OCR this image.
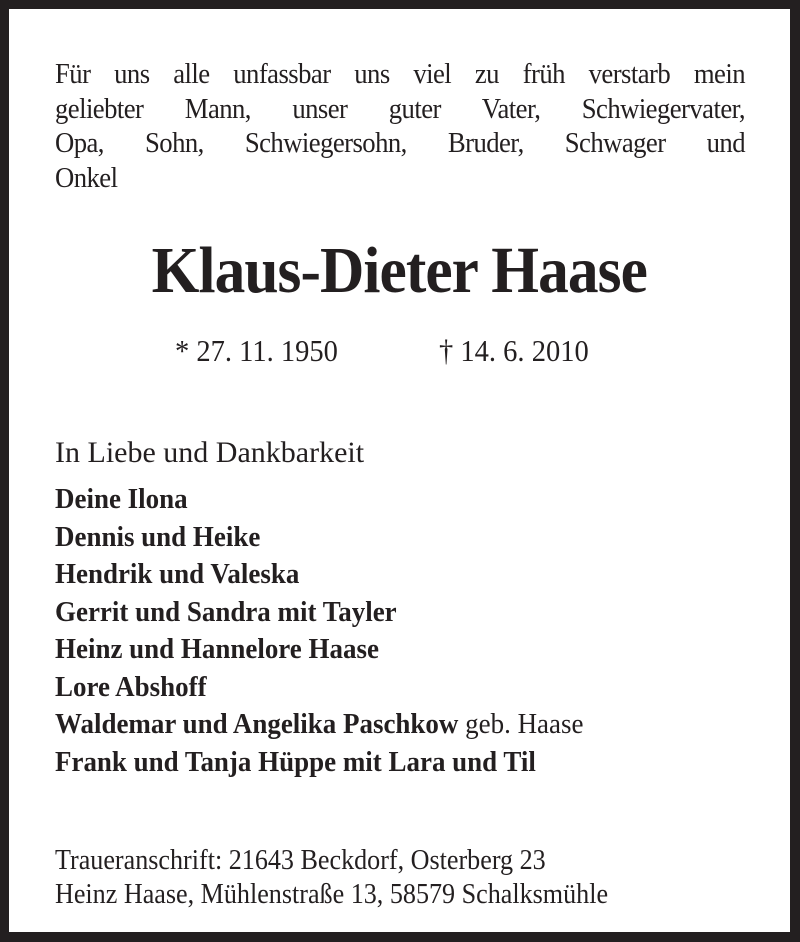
Für uns alle unfassbar uns viel zu früh verstarb mein
geliebter Mann, unser guter Vater, Schwiegervater,
Opa, Sohn, Schwiegersohn, Bruder, Schwager und
Onkel
Klaus-Dieter Haase
* 27. 11. 1950	† 14. 6. 2010
In Liebe und Dankbarkeit
Deine Ilona
Dennis und Heike
Hendrik und Valeska
Gerrit und Sandra mit Tayler
Heinz und Hannelore Haase
Lore Abshoff
Waldemar und Angelika Paschkow geb. Haase
Frank und Tanja Hüppe mit Lara und Til
Traueranschrift: 21643 Beckdorf, Osterberg 23
Heinz Haase, Mühlenstraße 13, 58579 Schalksmühle
